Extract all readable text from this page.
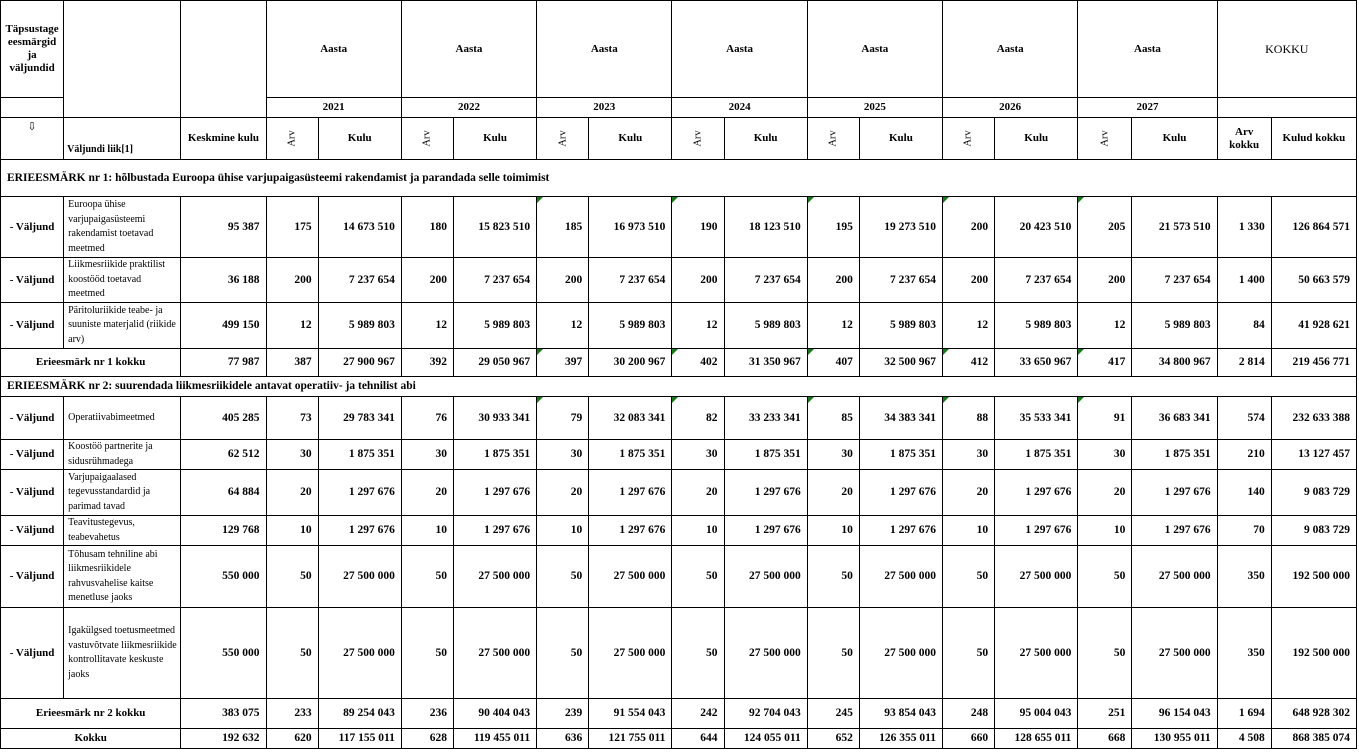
Täpsustage eesmärgid ja väljundid			Aasta		Aasta		Aasta		Aasta		Aasta		Aasta		Aasta		KOKKU	
			2021		2022		2023		2024		2025		2026		2027			
⇩	Väljundi liik[1]	Keskmine kulu	Arv	Kulu	Arv	Kulu	Arv	Kulu	Arv	Kulu	Arv	Kulu	Arv	Kulu	Arv	Kulu	Arv kokku	Kulud kokku
ERIEESMÄRK nr 1: hõlbustada Euroopa ühise varjupaigasüsteemi rakendamist ja parandada selle toimimist																		
- Väljund	Euroopa ühise varjupaigasüsteemi rakendamist toetavad meetmed	95 387	175	14 673 510	180	15 823 510	185	16 973 510	190	18 123 510	195	19 273 510	200	20 423 510	205	21 573 510	1 330	126 864 571
- Väljund	Liikmesriikide praktilist koostööd toetavad meetmed	36 188	200	7 237 654	200	7 237 654	200	7 237 654	200	7 237 654	200	7 237 654	200	7 237 654	200	7 237 654	1 400	50 663 579
- Väljund	Päritoluriikide teabe- ja suuniste materjalid (riikide arv)	499 150	12	5 989 803	12	5 989 803	12	5 989 803	12	5 989 803	12	5 989 803	12	5 989 803	12	5 989 803	84	41 928 621
Erieesmärk nr 1 kokku		77 987	387	27 900 967	392	29 050 967	397	30 200 967	402	31 350 967	407	32 500 967	412	33 650 967	417	34 800 967	2 814	219 456 771
ERIEESMÄRK nr 2: suurendada liikmesriikidele antavat operatiiv- ja tehnilist abi																		
- Väljund	Operatiivabimeetmed	405 285	73	29 783 341	76	30 933 341	79	32 083 341	82	33 233 341	85	34 383 341	88	35 533 341	91	36 683 341	574	232 633 388
- Väljund	Koostöö partnerite ja sidusrühmadega	62 512	30	1 875 351	30	1 875 351	30	1 875 351	30	1 875 351	30	1 875 351	30	1 875 351	30	1 875 351	210	13 127 457
- Väljund	Varjupaigaalased tegevusstandardid ja parimad tavad	64 884	20	1 297 676	20	1 297 676	20	1 297 676	20	1 297 676	20	1 297 676	20	1 297 676	20	1 297 676	140	9 083 729
- Väljund	Teavitustegevus, teabevahetus	129 768	10	1 297 676	10	1 297 676	10	1 297 676	10	1 297 676	10	1 297 676	10	1 297 676	10	1 297 676	70	9 083 729
- Väljund	Tõhusam tehniline abi liikmesriikidele rahvusvahelise kaitse menetluse jaoks	550 000	50	27 500 000	50	27 500 000	50	27 500 000	50	27 500 000	50	27 500 000	50	27 500 000	50	27 500 000	350	192 500 000
- Väljund	Igakülgsed toetusmeetmed vastuvõtvate liikmesriikide kontrollitavate keskuste jaoks	550 000	50	27 500 000	50	27 500 000	50	27 500 000	50	27 500 000	50	27 500 000	50	27 500 000	50	27 500 000	350	192 500 000
Erieesmärk nr 2 kokku		383 075	233	89 254 043	236	90 404 043	239	91 554 043	242	92 704 043	245	93 854 043	248	95 004 043	251	96 154 043	1 694	648 928 302
Kokku		192 632	620	117 155 011	628	119 455 011	636	121 755 011	644	124 055 011	652	126 355 011	660	128 655 011	668	130 955 011	4 508	868 385 074
